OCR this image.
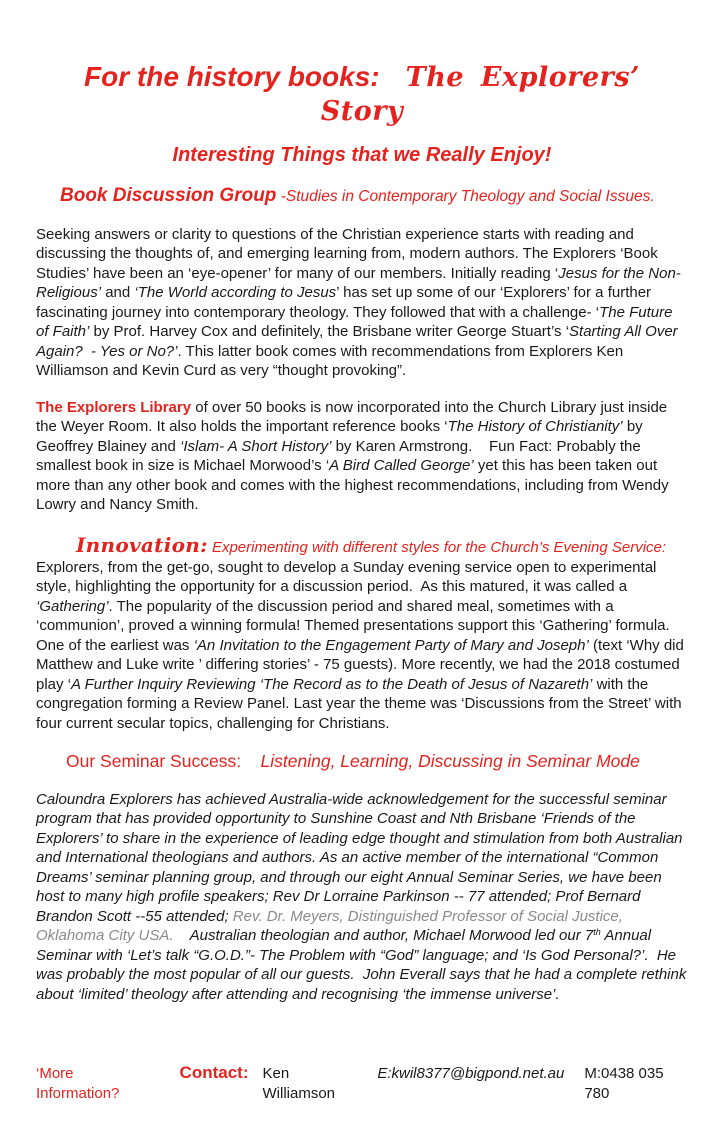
For the history books: The Explorers’ Story
Interesting Things that we Really Enjoy!

Book Discussion Group -Studies in Contemporary Theology and Social Issues.

Seeking answers or clarity to questions of the Christian experience starts with reading and discussing the thoughts of, and emerging learning from, modern authors. The Explorers ‘Book Studies’ have been an ‘eye-opener’ for many of our members. Initially reading ‘Jesus for the Non-Religious’ and ‘The World according to Jesus’ has set up some of our ‘Explorers’ for a further fascinating journey into contemporary theology. They followed that with a challenge- ‘The Future of Faith’ by Prof. Harvey Cox and definitely, the Brisbane writer George Stuart’s ‘Starting All Over Again?  - Yes or No?’. This latter book comes with recommendations from Explorers Ken Williamson and Kevin Curd as very “thought provoking”.

The Explorers Library of over 50 books is now incorporated into the Church Library just inside the Weyer Room. It also holds the important reference books ‘The History of Christianity’ by Geoffrey Blainey and ‘Islam- A Short History’ by Karen Armstrong.    Fun Fact: Probably the smallest book in size is Michael Morwood’s ‘A Bird Called George’ yet this has been taken out more than any other book and comes with the highest recommendations, including from Wendy Lowry and Nancy Smith.

Innovation: Experimenting with different styles for the Church’s Evening Service:   Explorers, from the get-go, sought to develop a Sunday evening service open to experimental style, highlighting the opportunity for a discussion period.  As this matured, it was called a ‘Gathering’. The popularity of the discussion period and shared meal, sometimes with a ‘communion’, proved a winning formula! Themed presentations support this ‘Gathering’ formula. One of the earliest was ‘An Invitation to the Engagement Party of Mary and Joseph’ (text ‘Why did Matthew and Luke write ’ differing stories’ - 75 guests). More recently, we had the 2018 costumed play ‘A Further Inquiry Reviewing ‘The Record as to the Death of Jesus of Nazareth’ with the congregation forming a Review Panel. Last year the theme was ‘Discussions from the Street’ with four current secular topics, challenging for Christians.

Our Seminar Success: Listening, Learning, Discussing in Seminar Mode

Caloundra Explorers has achieved Australia-wide acknowledgement for the successful seminar program that has provided opportunity to Sunshine Coast and Nth Brisbane ‘Friends of the Explorers’ to share in the experience of leading edge thought and stimulation from both Australian and International theologians and authors. As an active member of the international “Common Dreams’ seminar planning group, and through our eight Annual Seminar Series, we have been host to many high profile speakers; Rev Dr Lorraine Parkinson -- 77 attended; Prof Bernard Brandon Scott --55 attended; Rev. Dr. Meyers, Distinguished Professor of Social Justice, Oklahoma City USA.    Australian theologian and author, Michael Morwood led our 7th Annual Seminar with ‘Let’s talk “G.O.D.”- The Problem with “God” language; and ‘Is God Personal?’.  He was probably the most popular of all our guests.  John Everall says that he had a complete rethink about ‘limited’ theology after attending and recognising ‘the immense universe’.

‘More Information?
Contact: Ken Williamson
E:kwil8377@bigpond.net.au M:0438 035 780
